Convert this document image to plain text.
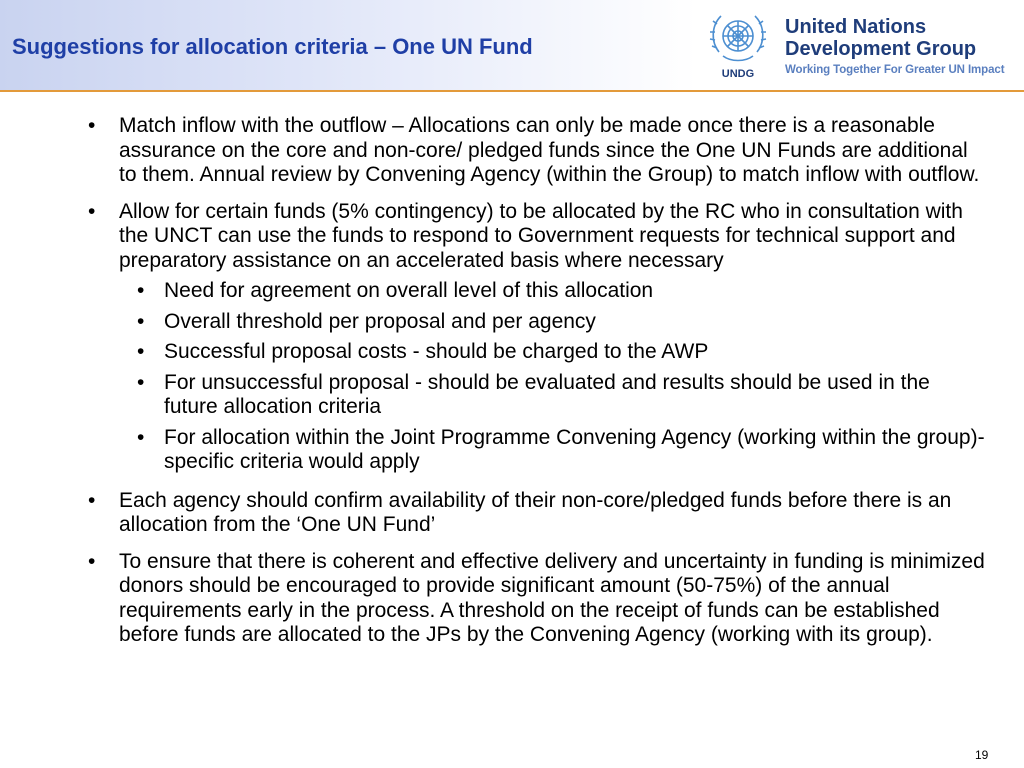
Suggestions for allocation criteria – One UN Fund
UNDG
United Nations
Development Group
Working Together For Greater UN Impact
• Match inflow with the outflow – Allocations can only be made once there is a reasonable assurance on the core and non-core/ pledged funds since the One UN Funds are additional to them. Annual review by Convening Agency (within the Group) to match inflow with outflow.
• Allow for certain funds (5% contingency) to be allocated by the RC who in consultation with the UNCT can use the funds to respond to Government requests for technical support and preparatory assistance on an accelerated basis where necessary
• Need for agreement on overall level of this allocation
• Overall threshold per proposal and per agency
• Successful proposal costs - should be charged to the AWP
• For unsuccessful proposal - should be evaluated and results should be used in the future allocation criteria
• For allocation within the Joint Programme Convening Agency (working within the group)- specific criteria would apply
• Each agency should confirm availability of their non-core/pledged funds before there is an allocation from the ‘One UN Fund’
• To ensure that there is coherent and effective delivery and uncertainty in funding is minimized donors should be encouraged to provide significant amount (50-75%) of the annual requirements early in the process. A threshold on the receipt of funds can be established before funds are allocated to the JPs by the Convening Agency (working with its group).
19
